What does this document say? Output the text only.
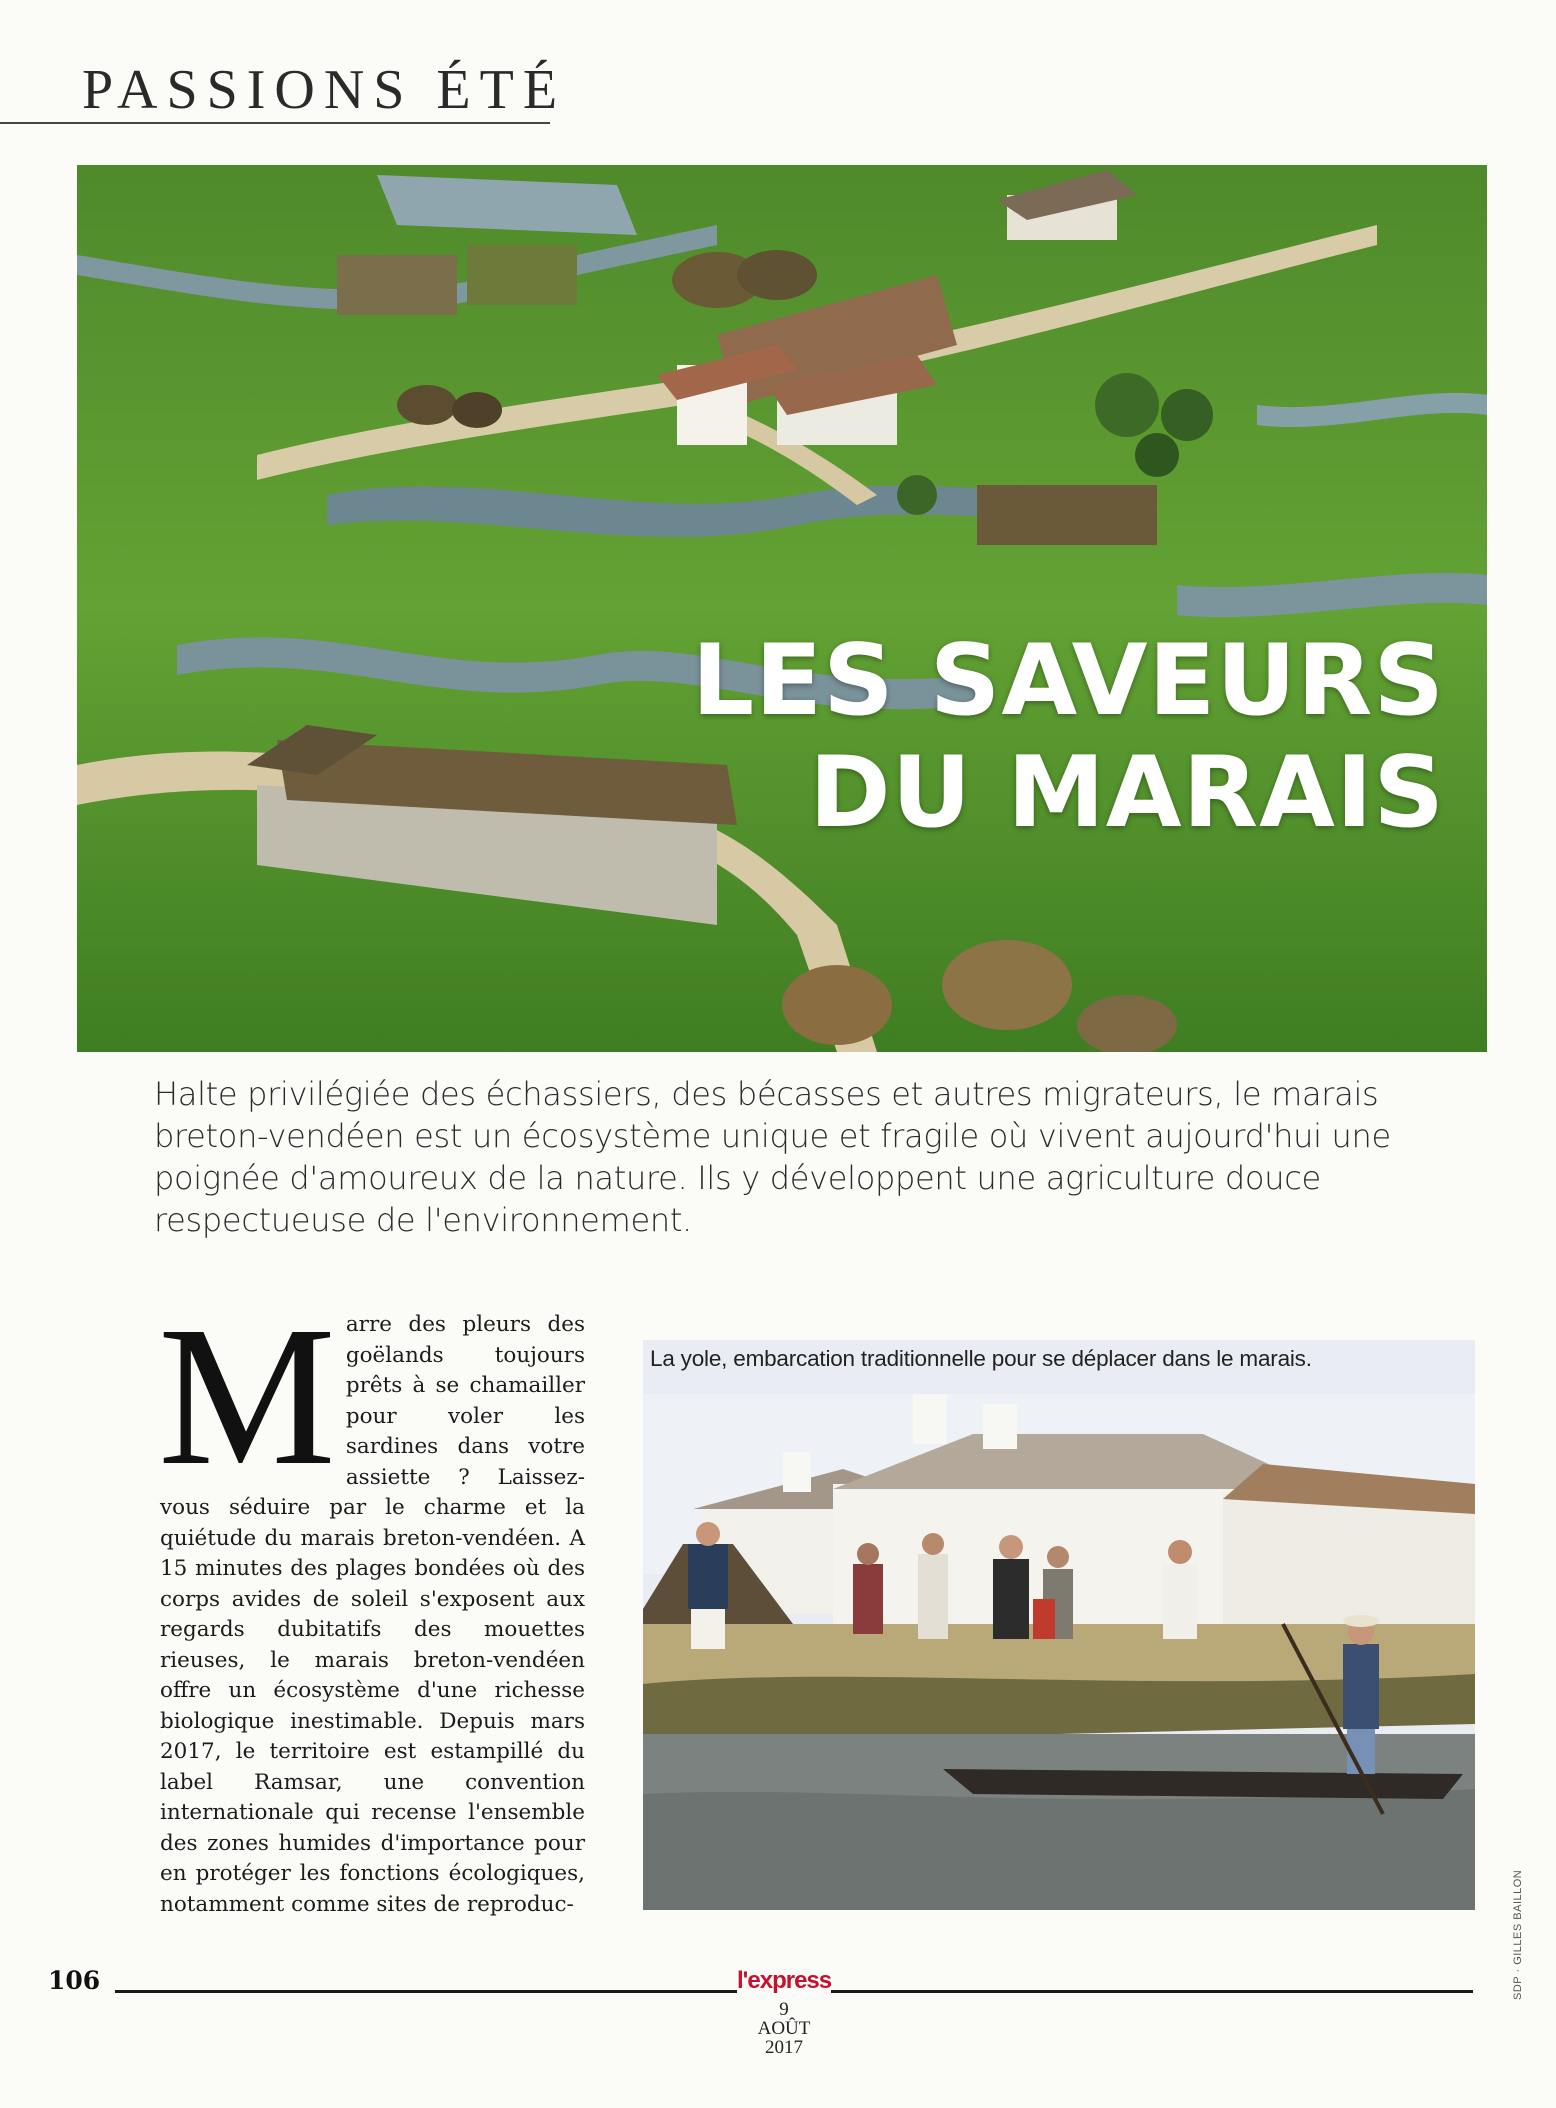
PASSIONS ÉTÉ
LES SAVEURS
DU MARAIS

Halte privilégiée des échassiers, des bécasses et autres migrateurs, le marais breton-vendéen est un écosystème unique et fragile où vivent aujourd'hui une poignée d'amoureux de la nature. Ils y développent une agriculture douce respectueuse de l'environnement.

M arre des pleurs des goëlands toujours prêts à se chamailler pour voler les sardines dans votre assiette ? Laissez-vous séduire par le charme et la quiétude du marais breton-vendéen. A 15 minutes des plages bondées où des corps avides de soleil s'exposent aux regards dubitatifs des mouettes rieuses, le marais breton-vendéen offre un écosystème d'une richesse biologique inestimable. Depuis mars 2017, le territoire est estampillé du label Ramsar, une convention internationale qui recense l'ensemble des zones humides d'importance pour en protéger les fonctions écologiques, notamment comme sites de reproduc-

La yole, embarcation traditionnelle pour se déplacer dans le marais.

SDP · GILLES BAILLON
106	l'express
9
AOÛT
2017
